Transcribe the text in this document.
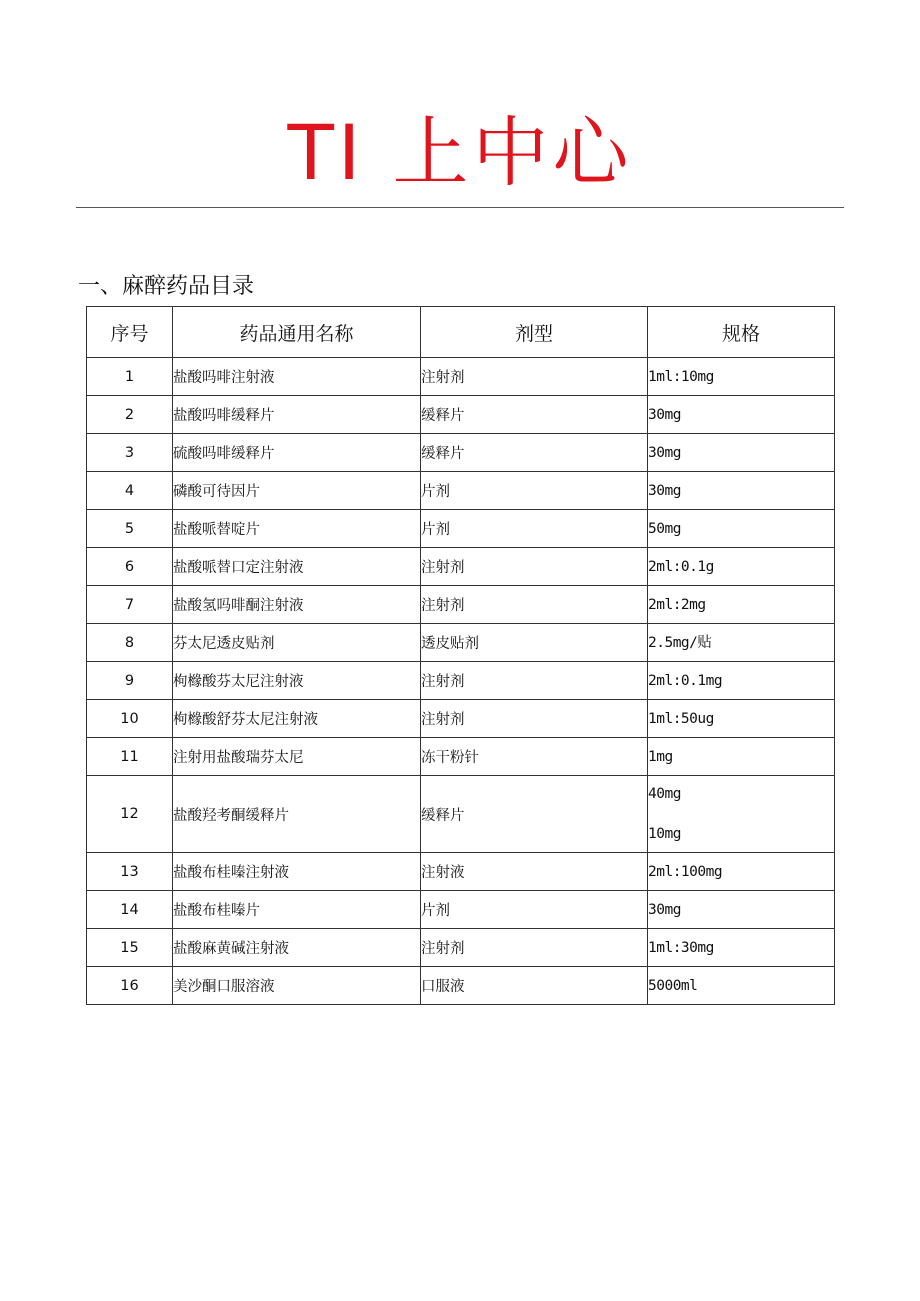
TI 上中心
一、麻醉药品目录
序号	药品通用名称	剂型	规格
1	盐酸吗啡注射液	注射剂	1ml:10mg

2	盐酸吗啡缓释片	缓释片	30mg

3	硫酸吗啡缓释片	缓释片	30mg

4	磷酸可待因片	片剂	30mg

5	盐酸哌替啶片	片剂	50mg

6	盐酸哌替口定注射液	注射剂	2ml:0.1g

7	盐酸氢吗啡酮注射液	注射剂	2ml:2mg

8	芬太尼透皮贴剂	透皮贴剂	2.5mg/贴

9	枸橼酸芬太尼注射液	注射剂	2ml:0.1mg

10	枸橼酸舒芬太尼注射液	注射剂	1ml:50ug

11	注射用盐酸瑞芬太尼	冻干粉针	1mg

12	盐酸羟考酮缓释片	缓释片	40mg
10mg

13	盐酸布桂嗪注射液	注射液	2ml:100mg

14	盐酸布桂嗪片	片剂	30mg

15	盐酸麻黄碱注射液	注射剂	1ml:30mg

16	美沙酮口服溶液	口服液	5000ml
